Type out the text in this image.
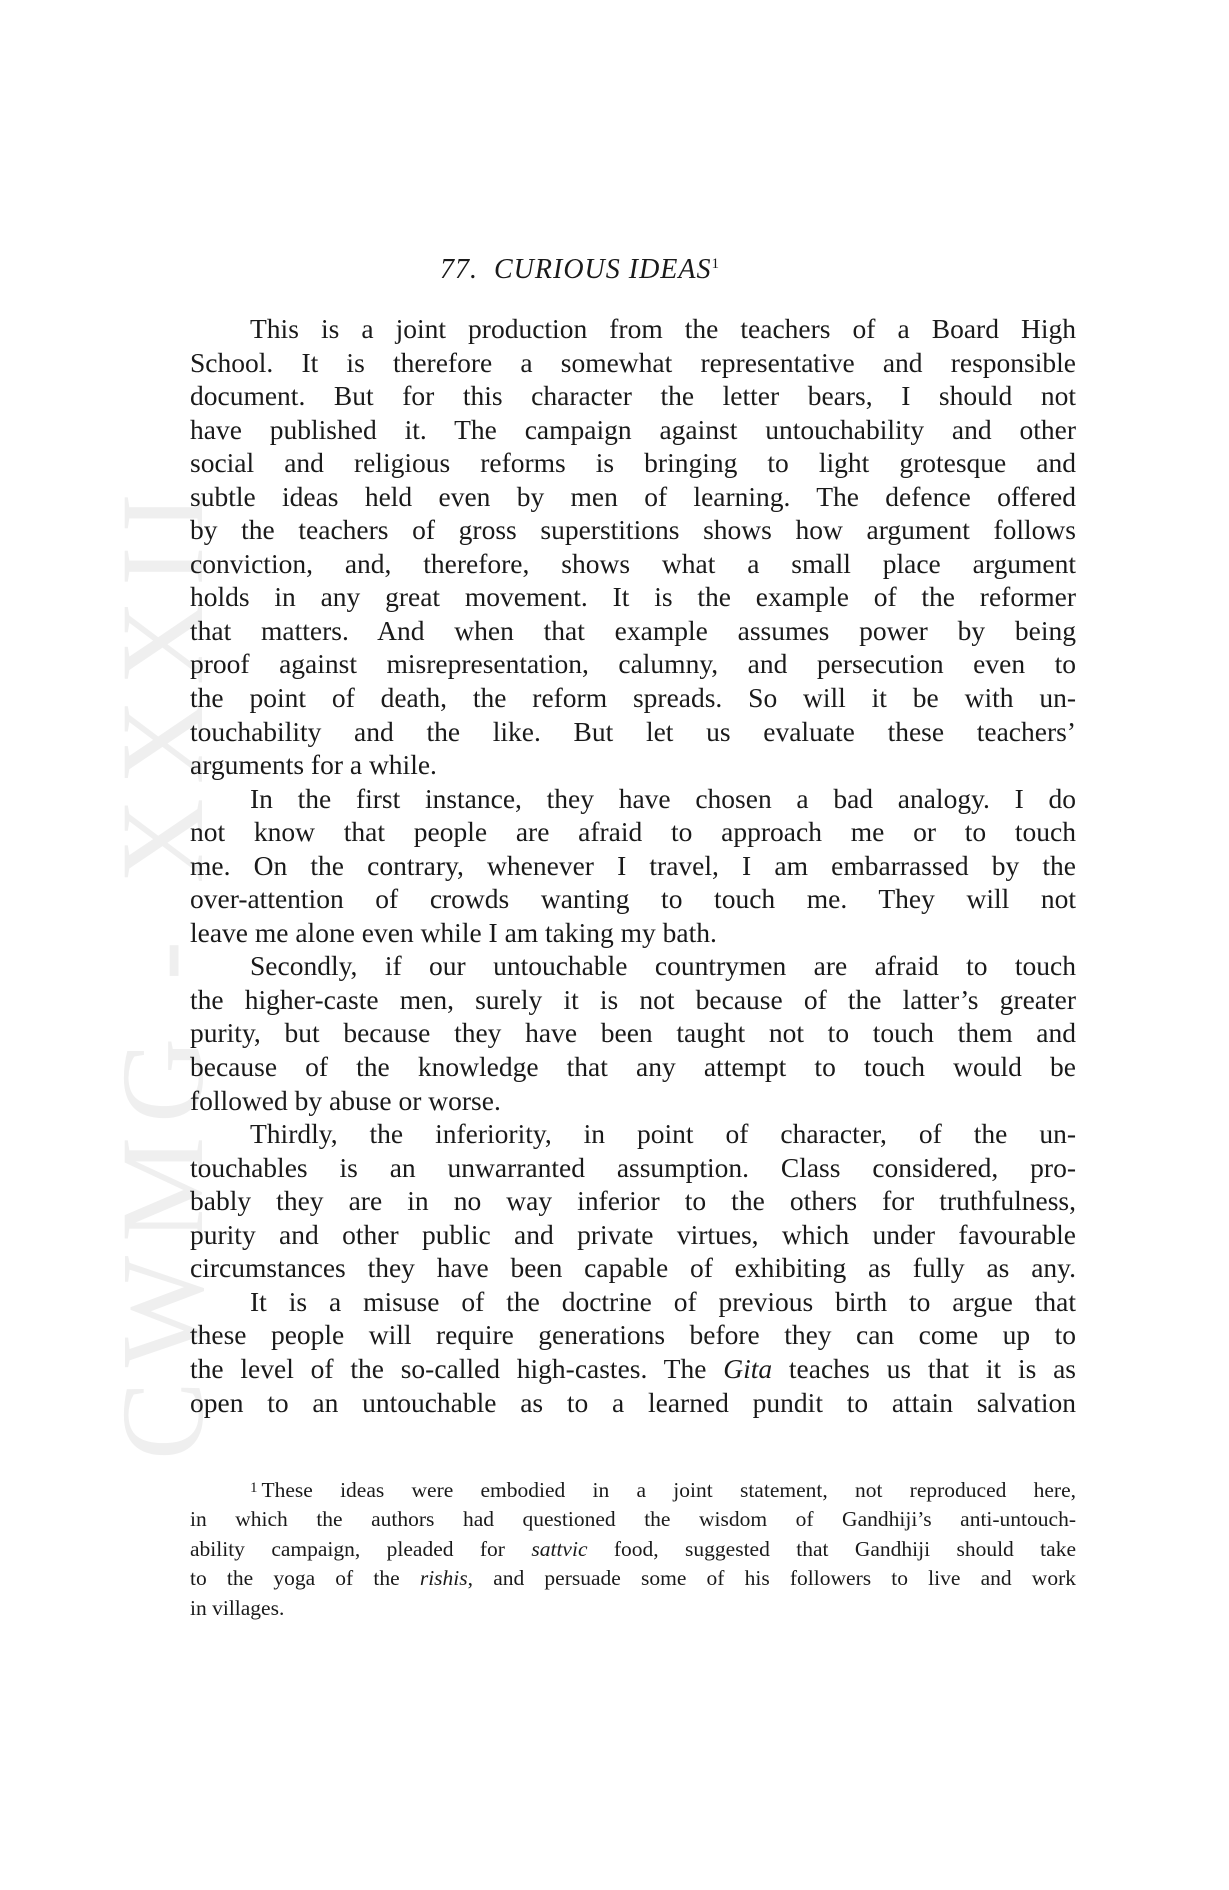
CWMG - XXXII
77. CURIOUS IDEAS$^1$
This is a joint production from the teachers of a Board High
School. It is therefore a somewhat representative and responsible
document. But for this character the letter bears, I should not
have published it. The campaign against untouchability and other
social and religious reforms is bringing to light grotesque and
subtle ideas held even by men of learning. The defence offered
by the teachers of gross superstitions shows how argument follows
conviction, and, therefore, shows what a small place argument
holds in any great movement. It is the example of the reformer
that matters. And when that example assumes power by being
proof against misrepresentation, calumny, and persecution even to
the point of death, the reform spreads. So will it be with un-
touchability and the like. But let us evaluate these teachers’
arguments for a while.
In the first instance, they have chosen a bad analogy. I do
not know that people are afraid to approach me or to touch
me. On the contrary, whenever I travel, I am embarrassed by the
over-attention of crowds wanting to touch me. They will not
leave me alone even while I am taking my bath.
Secondly, if our untouchable countrymen are afraid to touch
the higher-caste men, surely it is not because of the latter’s greater
purity, but because they have been taught not to touch them and
because of the knowledge that any attempt to touch would be
followed by abuse or worse.
Thirdly, the inferiority, in point of character, of the un-
touchables is an unwarranted assumption. Class considered, pro-
bably they are in no way inferior to the others for truthfulness,
purity and other public and private virtues, which under favourable
circumstances they have been capable of exhibiting as fully as any.
It is a misuse of the doctrine of previous birth to argue that
these people will require generations before they can come up to
the level of the so-called high-castes. The Gita teaches us that it is as
open to an untouchable as to a learned pundit to attain salvation
$^1$ These ideas were embodied in a joint statement, not reproduced here,
in which the authors had questioned the wisdom of Gandhiji’s anti-untouch-
ability campaign, pleaded for sattvic food, suggested that Gandhiji should take
to the yoga of the rishis, and persuade some of his followers to live and work
in villages.
